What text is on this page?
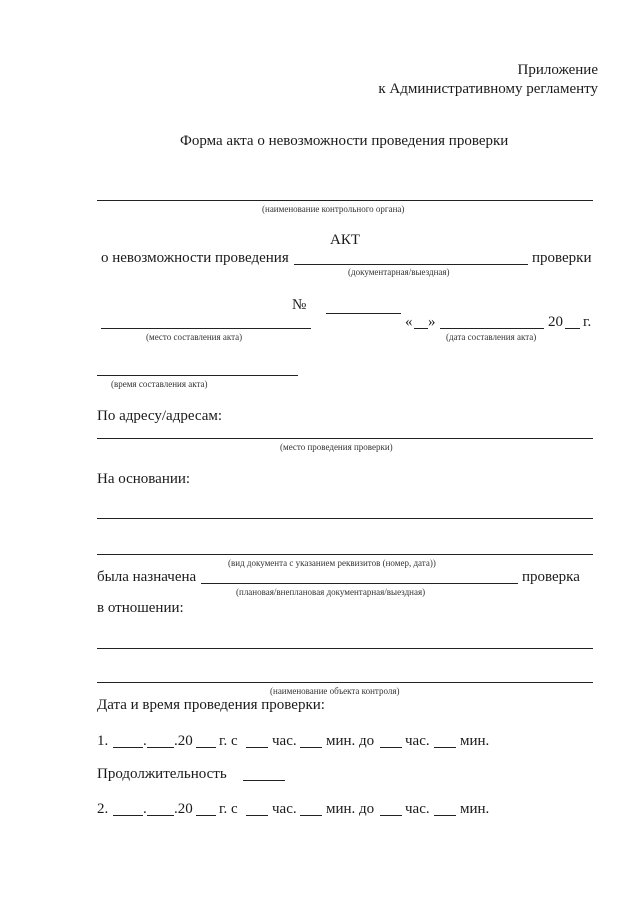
Приложение
к Административному регламенту
Форма акта о невозможности проведения проверки
(наименование контрольного органа)
АКТ
о невозможности проведения	проверки
(документарная/выездная)
№
(место составления акта)
« »	20 г.
(дата составления акта)
(время составления акта)
По адресу/адресам:
(место проведения проверки)
На основании:
(вид документа с указанием реквизитов (номер, дата))
была назначена	проверка
(плановая/внеплановая документарная/выездная)
в отношении:
(наименование объекта контроля)
Дата и время проведения проверки:
1. . .20 г. с час. мин. до час. мин.
Продолжительность
2. . .20 г. с час. мин. до час. мин.
